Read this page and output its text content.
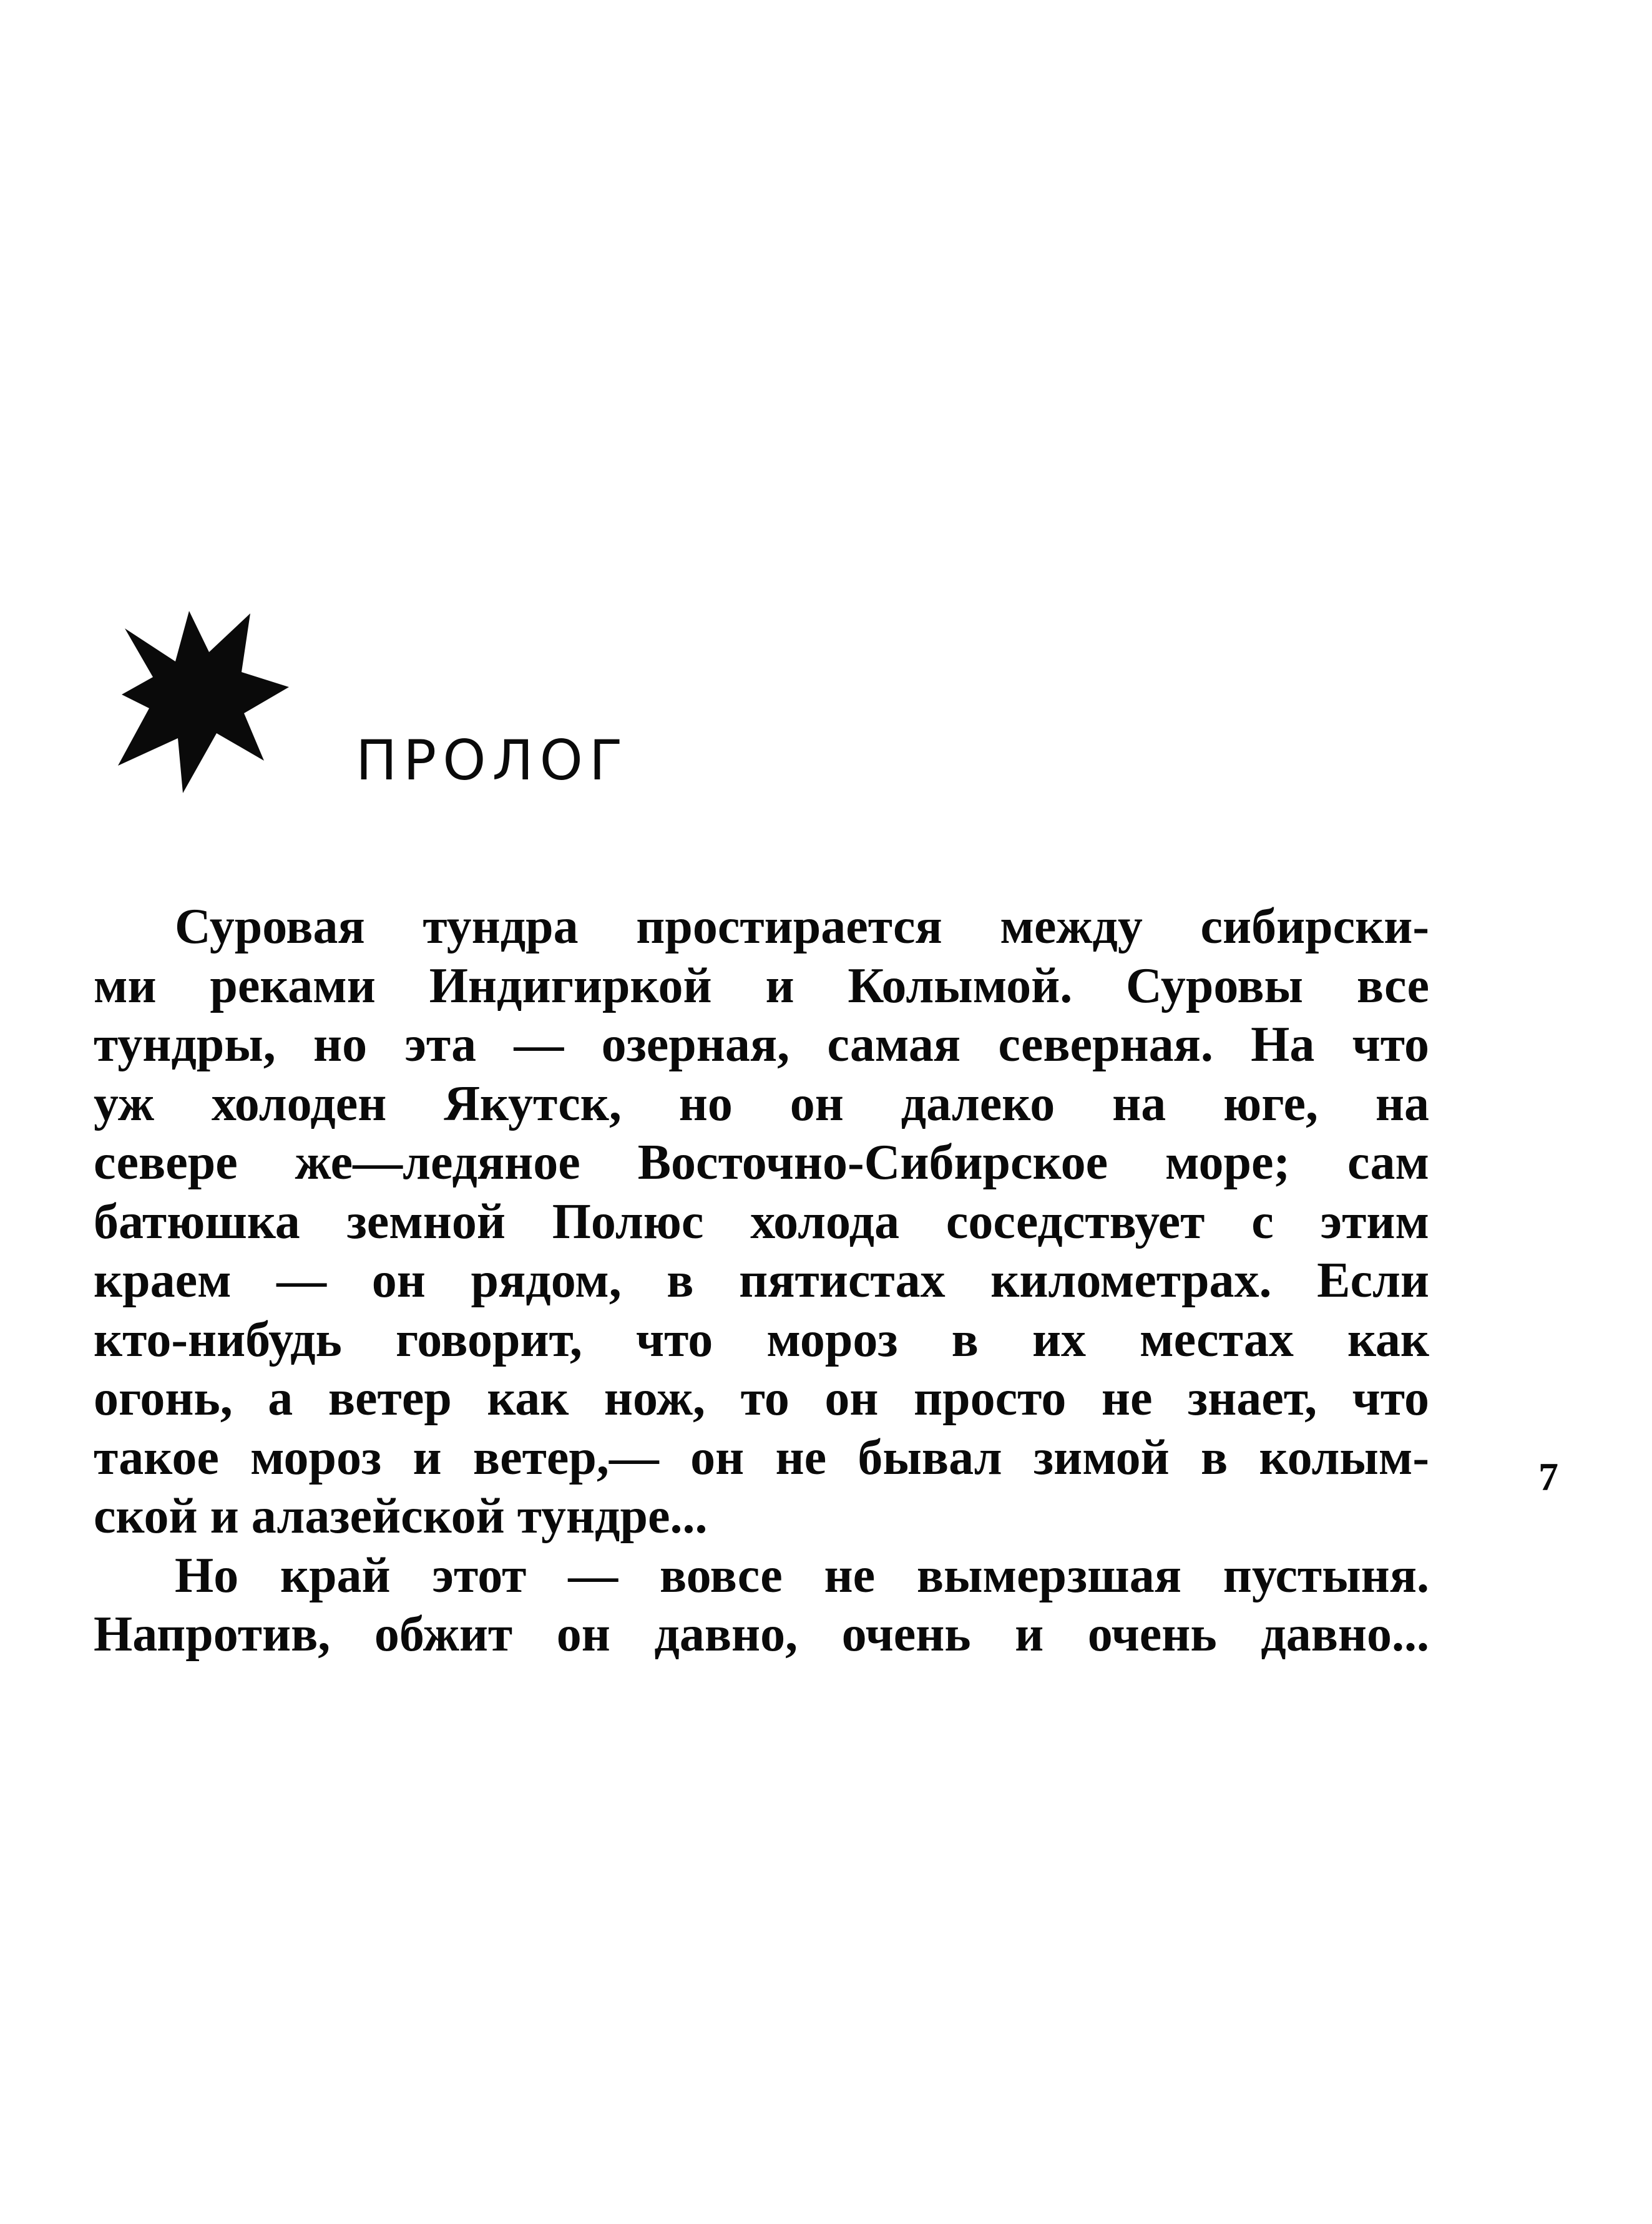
ПРОЛОГ
Суровая тундра простирается между сибирски-
ми реками Индигиркой и Колымой. Суровы все
тундры, но эта — озерная, самая северная. На что
уж холоден Якутск, но он далеко на юге, на
севере же—ледяное Восточно-Сибирское море; сам
батюшка земной Полюс холода соседствует с этим
краем — он рядом, в пятистах километрах. Если
кто-нибудь говорит, что мороз в их местах как
огонь, а ветер как нож, то он просто не знает, что
такое мороз и ветер,— он не бывал зимой в колым-
ской и алазейской тундре...
Но край этот — вовсе не вымерзшая пустыня.
Напротив, обжит он давно, очень и очень давно...
7
